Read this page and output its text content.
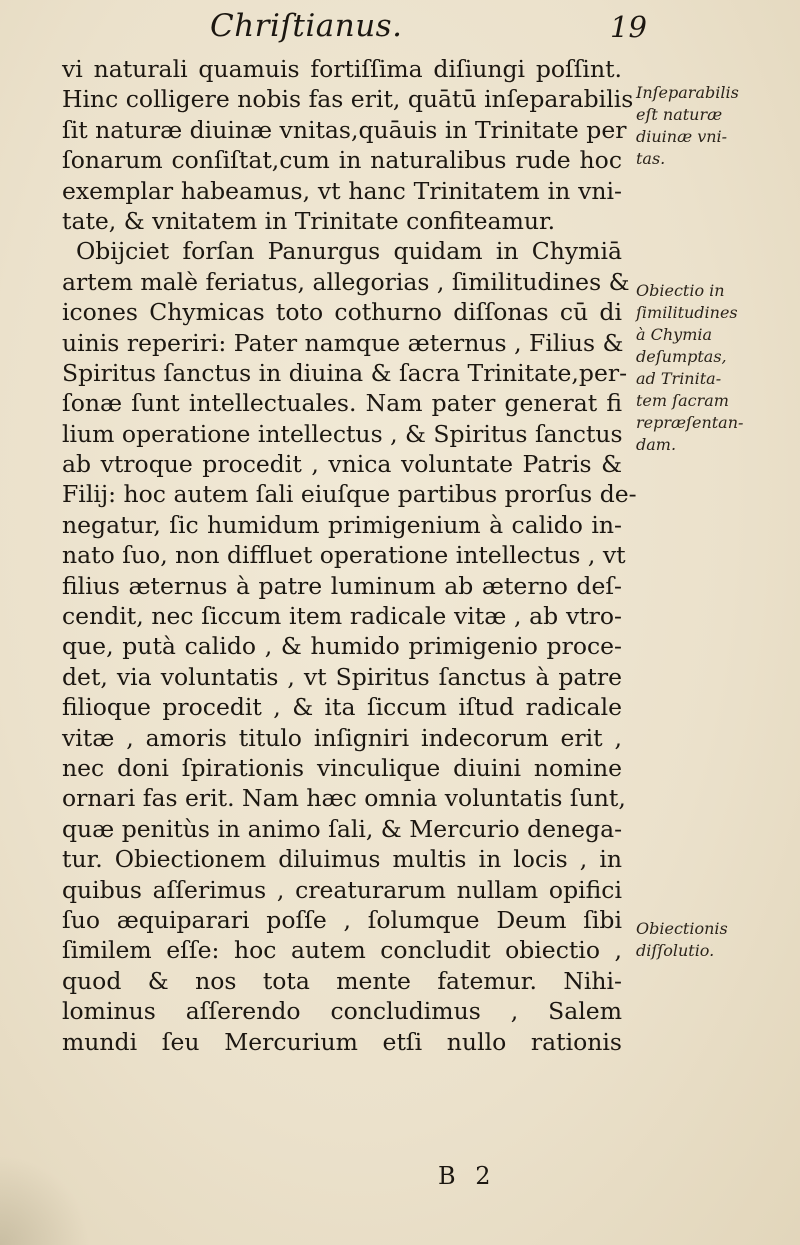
Chriſtianus.	19
vi naturali quamuis fortiſſima diſiungi poſſint.
Hinc colligere nobis fas erit, quātū inſeparabilis
ſit naturæ diuinæ vnitas,quāuis in Trinitate per
ſonarum conſiſtat,cum in naturalibus rude hoc
exemplar habeamus, vt hanc Trinitatem in vni-
tate, & vnitatem in Trinitate confiteamur.
Obijciet forſan Panurgus quidam in Chymiā
artem malè feriatus, allegorias , ſimilitudines &
icones Chymicas toto cothurno diſſonas cū di
uinis reperiri: Pater namque æternus , Filius &
Spiritus ſanctus in diuina & ſacra Trinitate,per-
ſonæ ſunt intellectuales. Nam pater generat fi
lium operatione intellectus , & Spiritus ſanctus
ab vtroque procedit , vnica voluntate Patris &
Filij: hoc autem ſali eiuſque partibus prorſus de-
negatur, ſic humidum primigenium à calido in-
nato ſuo, non diffluet operatione intellectus , vt
filius æternus à patre luminum ab æterno deſ-
cendit, nec ſiccum item radicale vitæ , ab vtro-
que, putà calido , & humido primigenio proce-
det, via voluntatis , vt Spiritus ſanctus à patre
filioque procedit , & ita ſiccum iſtud radicale
vitæ , amoris titulo inſigniri indecorum erit ,
nec doni ſpirationis vinculique diuini nomine
ornari fas erit. Nam hæc omnia voluntatis ſunt,
quæ penitùs in animo ſali, & Mercurio denega-
tur. Obiectionem diluimus multis in locis , in
quibus aſſerimus , creaturarum nullam opifici
ſuo æquiparari poſſe , ſolumque Deum ſibi
ſimilem eſſe: hoc autem concludit obiectio ,
quod & nos tota mente fatemur. Nihi-
lominus aſſerendo concludimus , Salem
mundi ſeu Mercurium etſi nullo rationis
Inſeparabilis
eſt naturæ
diuinæ vni-
tas.
Obiectio in
ſimilitudines
à Chymia
deſumptas,
ad Trinita-
tem ſacram
repræſentan-
dam.
Obiectionis
diſſolutio.
B 2
